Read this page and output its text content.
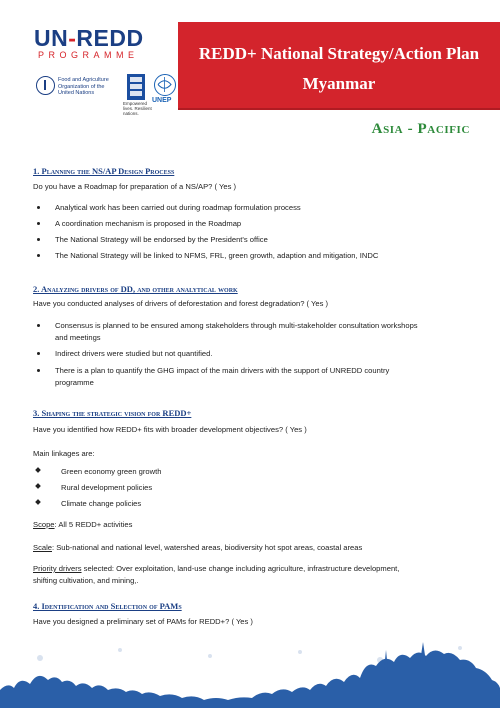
UN-REDD
PROGRAMME
Food and Agriculture Organization of the United Nations
Empowered lives. Resilient nations.
UNEP
REDD+ National Strategy/Action Plan
Myanmar
Asia - Pacific
1. Planning the NS/AP Design Process
Do you have a Roadmap for preparation of a NS/AP? ( Yes )
Analytical work has been carried out during roadmap formulation process
A coordination mechanism is proposed in the Roadmap
The National Strategy will be endorsed by the President's office
The National Strategy will be linked to NFMS, FRL, green growth, adaption and mitigation, INDC
2. Analyzing drivers of DD, and other analytical work
Have you conducted analyses of drivers of deforestation and forest degradation? ( Yes )
Consensus is planned to be ensured among stakeholders through multi-stakeholder consultation workshops
and meetings
Indirect drivers were studied but not quantified.
There is a plan to quantify the GHG impact of the main drivers with the support of UNREDD country
programme
3. Shaping the strategic vision for REDD+
Have you identified how REDD+ fits with broader development objectives? ( Yes )
Main linkages are:
Green economy green growth
Rural development policies
Climate change policies
Scope: All 5 REDD+ activities
Scale: Sub-national and national level, watershed areas, biodiversity hot spot areas, coastal areas
Priority drivers selected: Over exploitation, land-use change including agriculture, infrastructure development,
shifting cultivation, and mining,.
4. Identification and Selection of PAMs
Have you designed a preliminary set of PAMs for REDD+? ( Yes )
